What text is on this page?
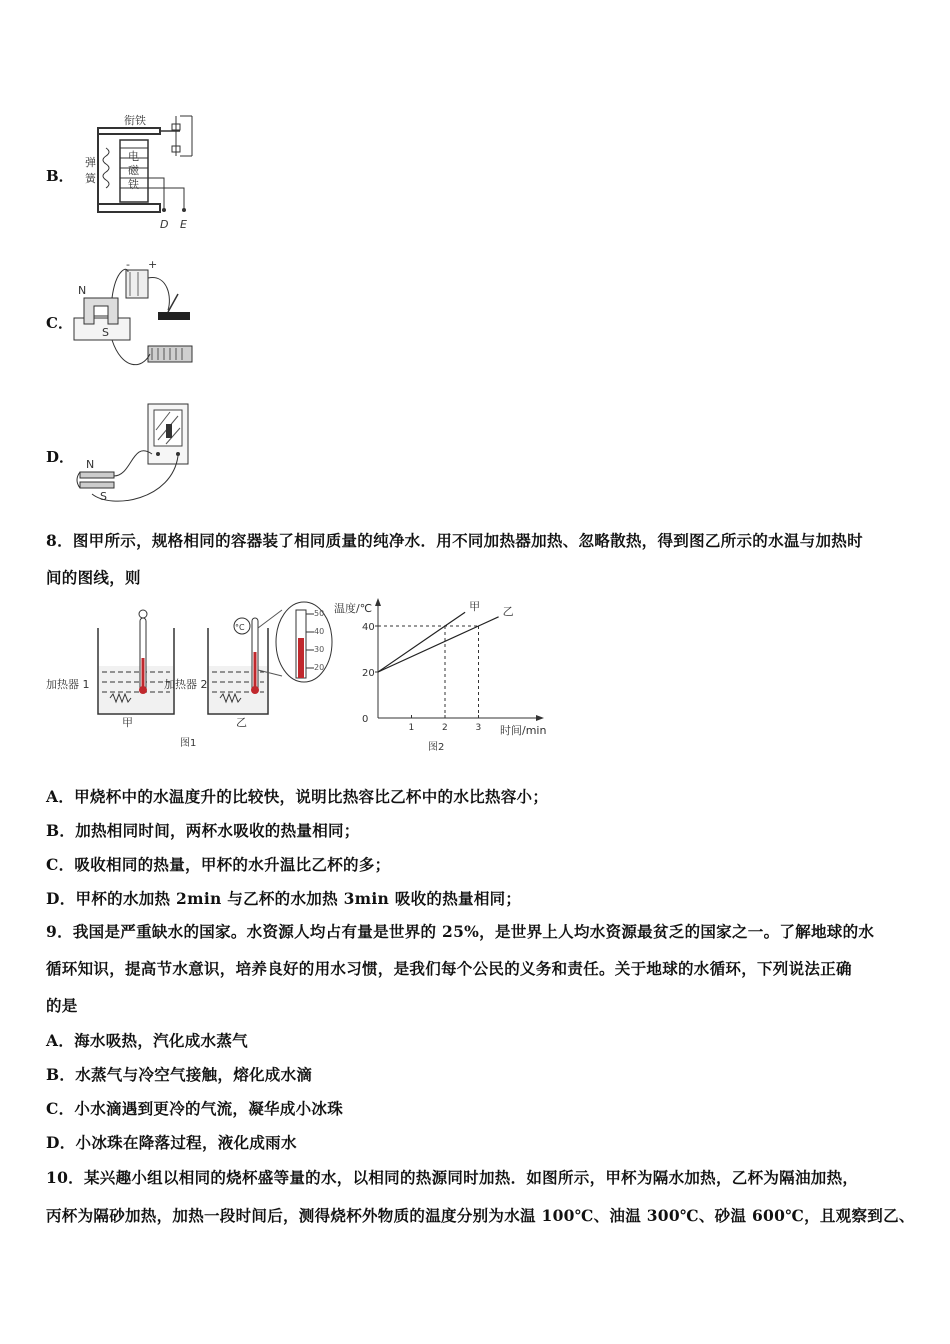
B．
衔铁
弹
簧
电
磁
铁
D E
C．
N
S
- +
D． N
S
8．图甲所示，规格相同的容器装了相同质量的纯净水．用不同加热器加热、忽略散热，得到图乙所示的水温与加热时
间的图线，则
加热器 1
甲
°C
加热器 2
乙
50
40
30
20
图1
温度/℃
时间/min
0
20
40
1	2	3
甲 乙
图2
A．甲烧杯中的水温度升的比较快，说明比热容比乙杯中的水比热容小；
B．加热相同时间，两杯水吸收的热量相同；
C．吸收相同的热量，甲杯的水升温比乙杯的多；
D．甲杯的水加热 2min 与乙杯的水加热 3min 吸收的热量相同；
9．我国是严重缺水的国家。水资源人均占有量是世界的 25%，是世界上人均水资源最贫乏的国家之一。了解地球的水
循环知识，提高节水意识，培养良好的用水习惯，是我们每个公民的义务和责任。关于地球的水循环，下列说法正确
的是
A．海水吸热，汽化成水蒸气
B．水蒸气与冷空气接触，熔化成水滴
C．小水滴遇到更冷的气流，凝华成小冰珠
D．小冰珠在降落过程，液化成雨水
10．某兴趣小组以相同的烧杯盛等量的水，以相同的热源同时加热．如图所示，甲杯为隔水加热，乙杯为隔油加热，
丙杯为隔砂加热，加热一段时间后，测得烧杯外物质的温度分别为水温 100℃、油温 300℃、砂温 600℃，且观察到乙、
